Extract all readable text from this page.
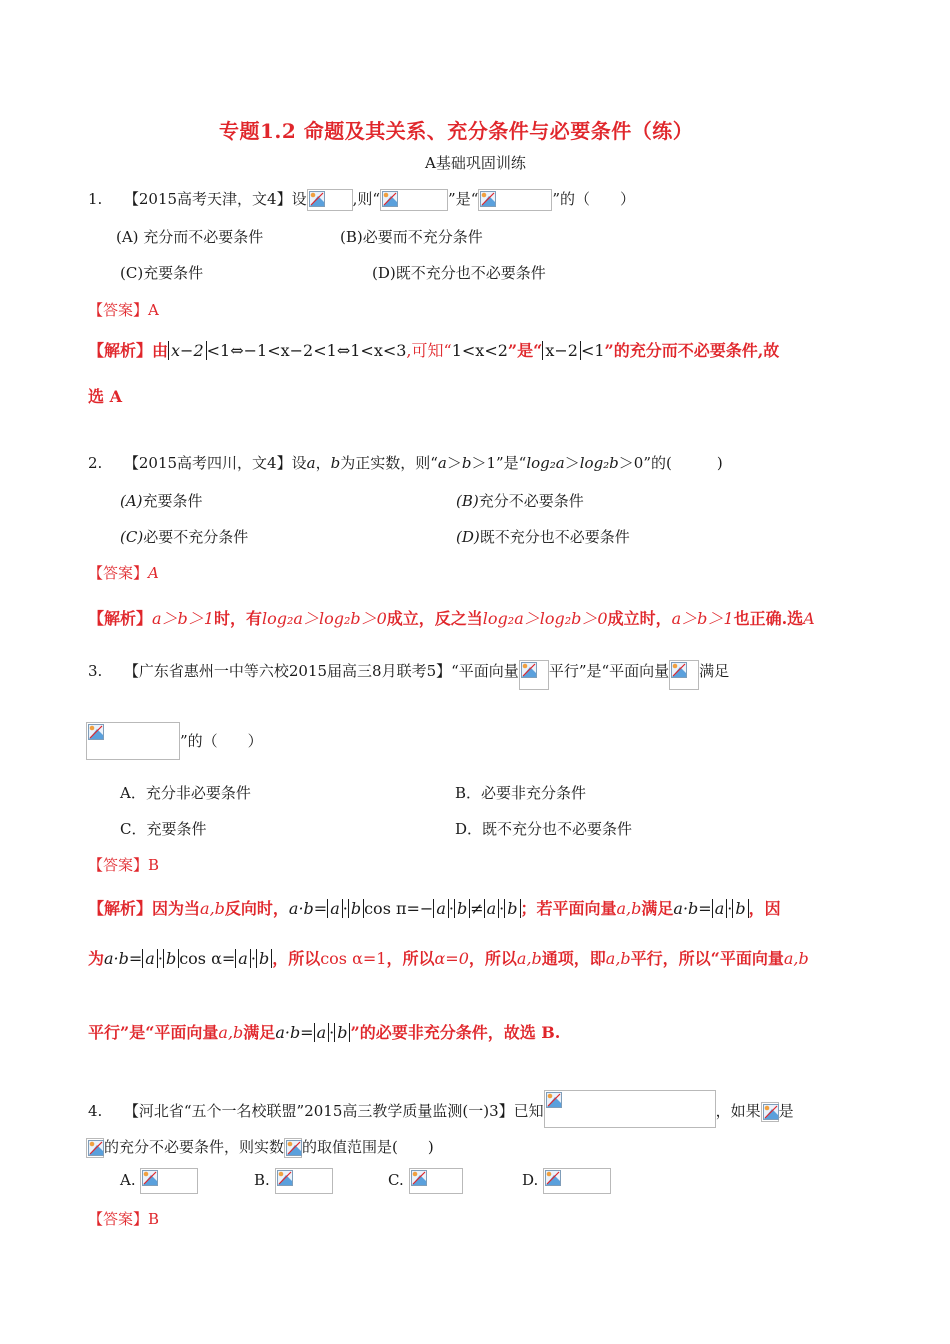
专题1.2 命题及其关系、充分条件与必要条件（练）
A基础巩固训练
1. 【2015高考天津，文4】设	,则“	”是“	”的（　　）
(A) 充分而不必要条件	(B)必要而不充分条件
(C)充要条件	(D)既不充分也不必要条件
【答案】A
【解析】由 x−2 <1⇔−1<x−2<1⇔1<x<3,可知“1<x<2”是“ x−2 <1”的充分而不必要条件,故
选 A
2. 【2015高考四川，文4】设a，b为正实数，则“a＞b＞1”是“log₂a＞log₂b＞0”的(　　　)
(A)充要条件	(B)充分不必要条件
(C)必要不充分条件	(D)既不充分也不必要条件
【答案】A
【解析】a＞b＞1时，有log₂a＞log₂b＞0成立，反之当log₂a＞log₂b＞0成立时，a＞b＞1也正确.选A
3. 【广东省惠州一中等六校2015届高三8月联考5】“平面向量 平行”是“平面向量 满足
”的（　　）
A．充分非必要条件	B．必要非充分条件
C．充要条件	D．既不充分也不必要条件
【答案】B
【解析】因为当a,b反向时，a·b= a · b cos π=− a · b ≠ a · b ；若平面向量a,b满足a·b= a · b ，因
为a·b= a · b cos α= a · b ，所以cos α=1，所以α=0，所以a,b通项，即a,b平行，所以“平面向量a,b
平行”是“平面向量a,b满足a·b= a · b ”的必要非充分条件，故选 B.
4. 【河北省“五个一名校联盟”2015高三教学质量监测(一)3】已知	，如果 是
的充分不必要条件，则实数 的取值范围是(　　)
A.	B.	C.	D.
【答案】B
